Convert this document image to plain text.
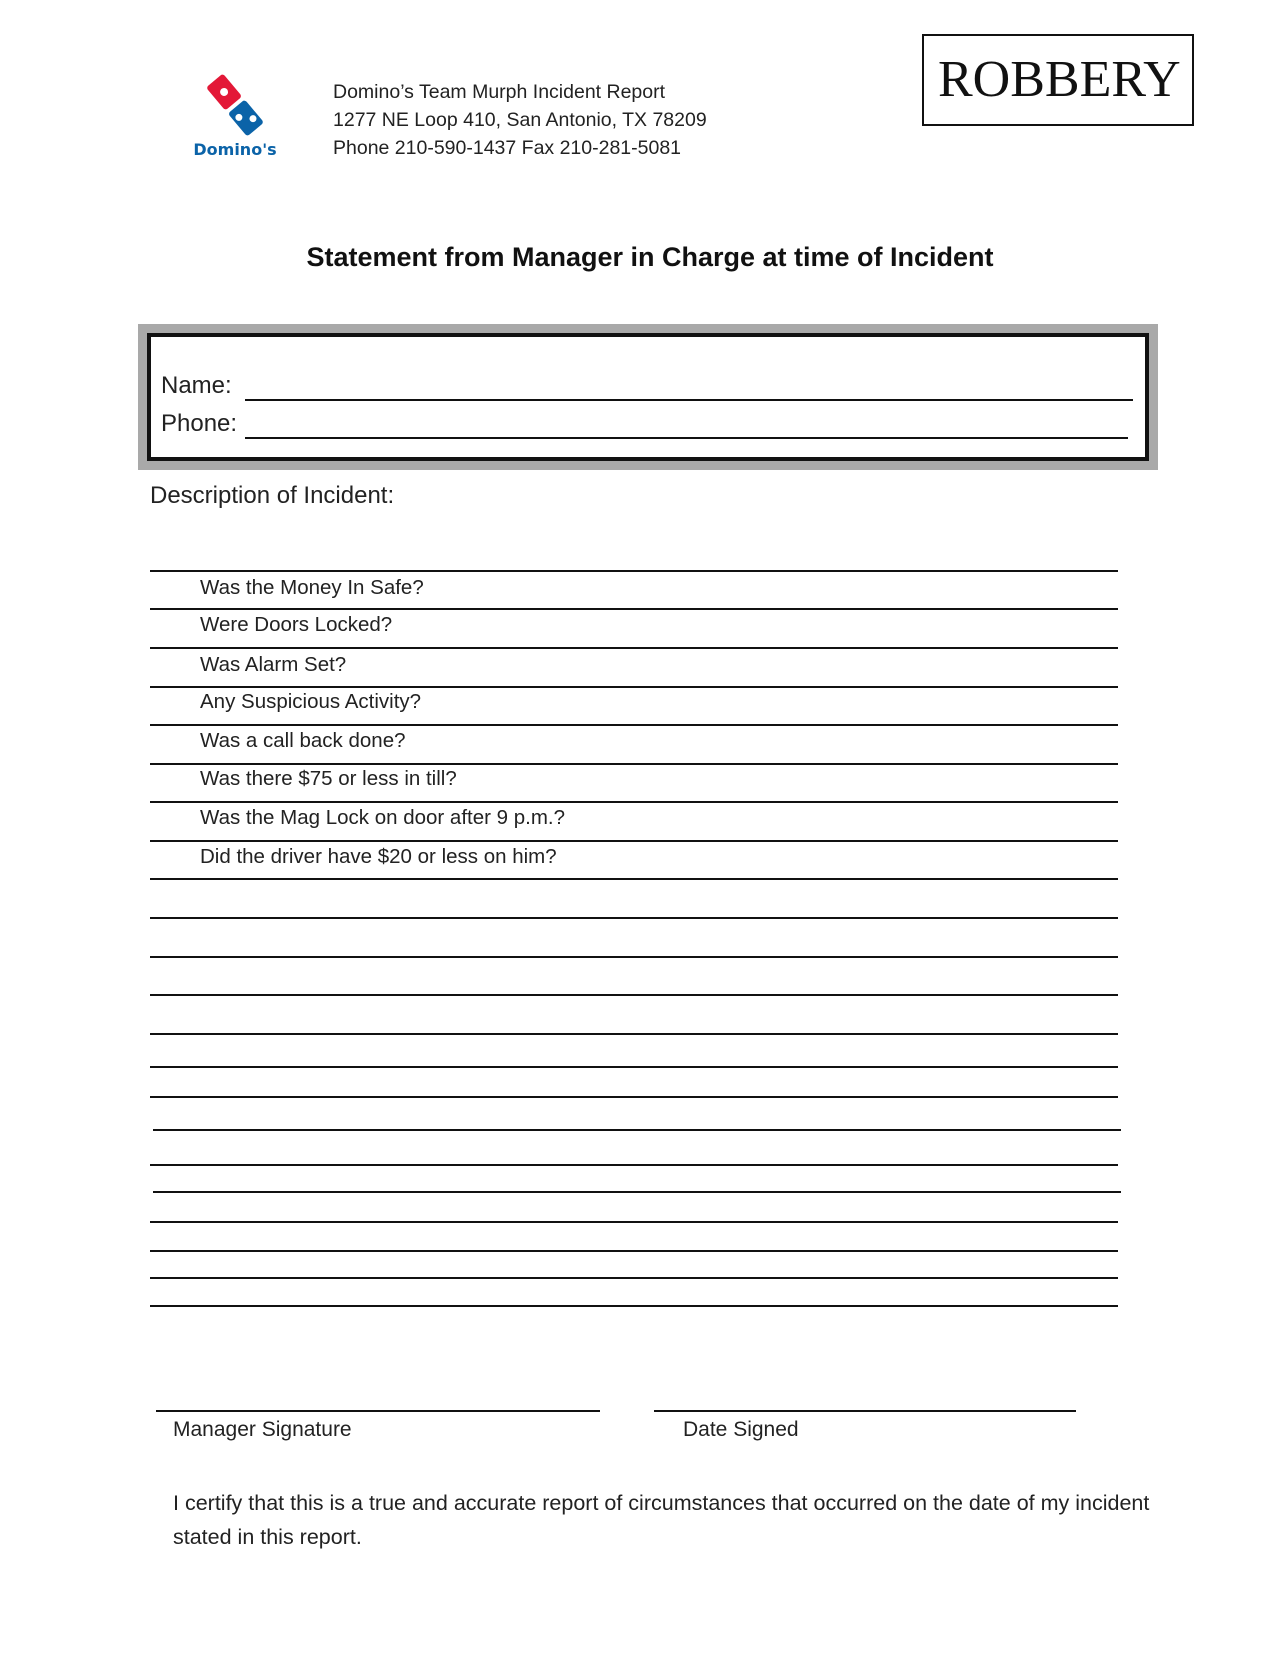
Domino's
Domino’s Team Murph Incident Report
1277 NE Loop 410, San Antonio, TX 78209
Phone 210-590-1437 Fax 210-281-5081
ROBBERY
Statement from Manager in Charge at time of Incident
Name:
Phone:
Description of Incident:
Was the Money In Safe?
Were Doors Locked?
Was Alarm Set?
Any Suspicious Activity?
Was a call back done?
Was there $75 or less in till?
Was the Mag Lock on door after 9 p.m.?
Did the driver have $20 or less on him?
Manager Signature	Date Signed
I certify that this is a true and accurate report of circumstances that occurred on the date of my incident stated in this report.
